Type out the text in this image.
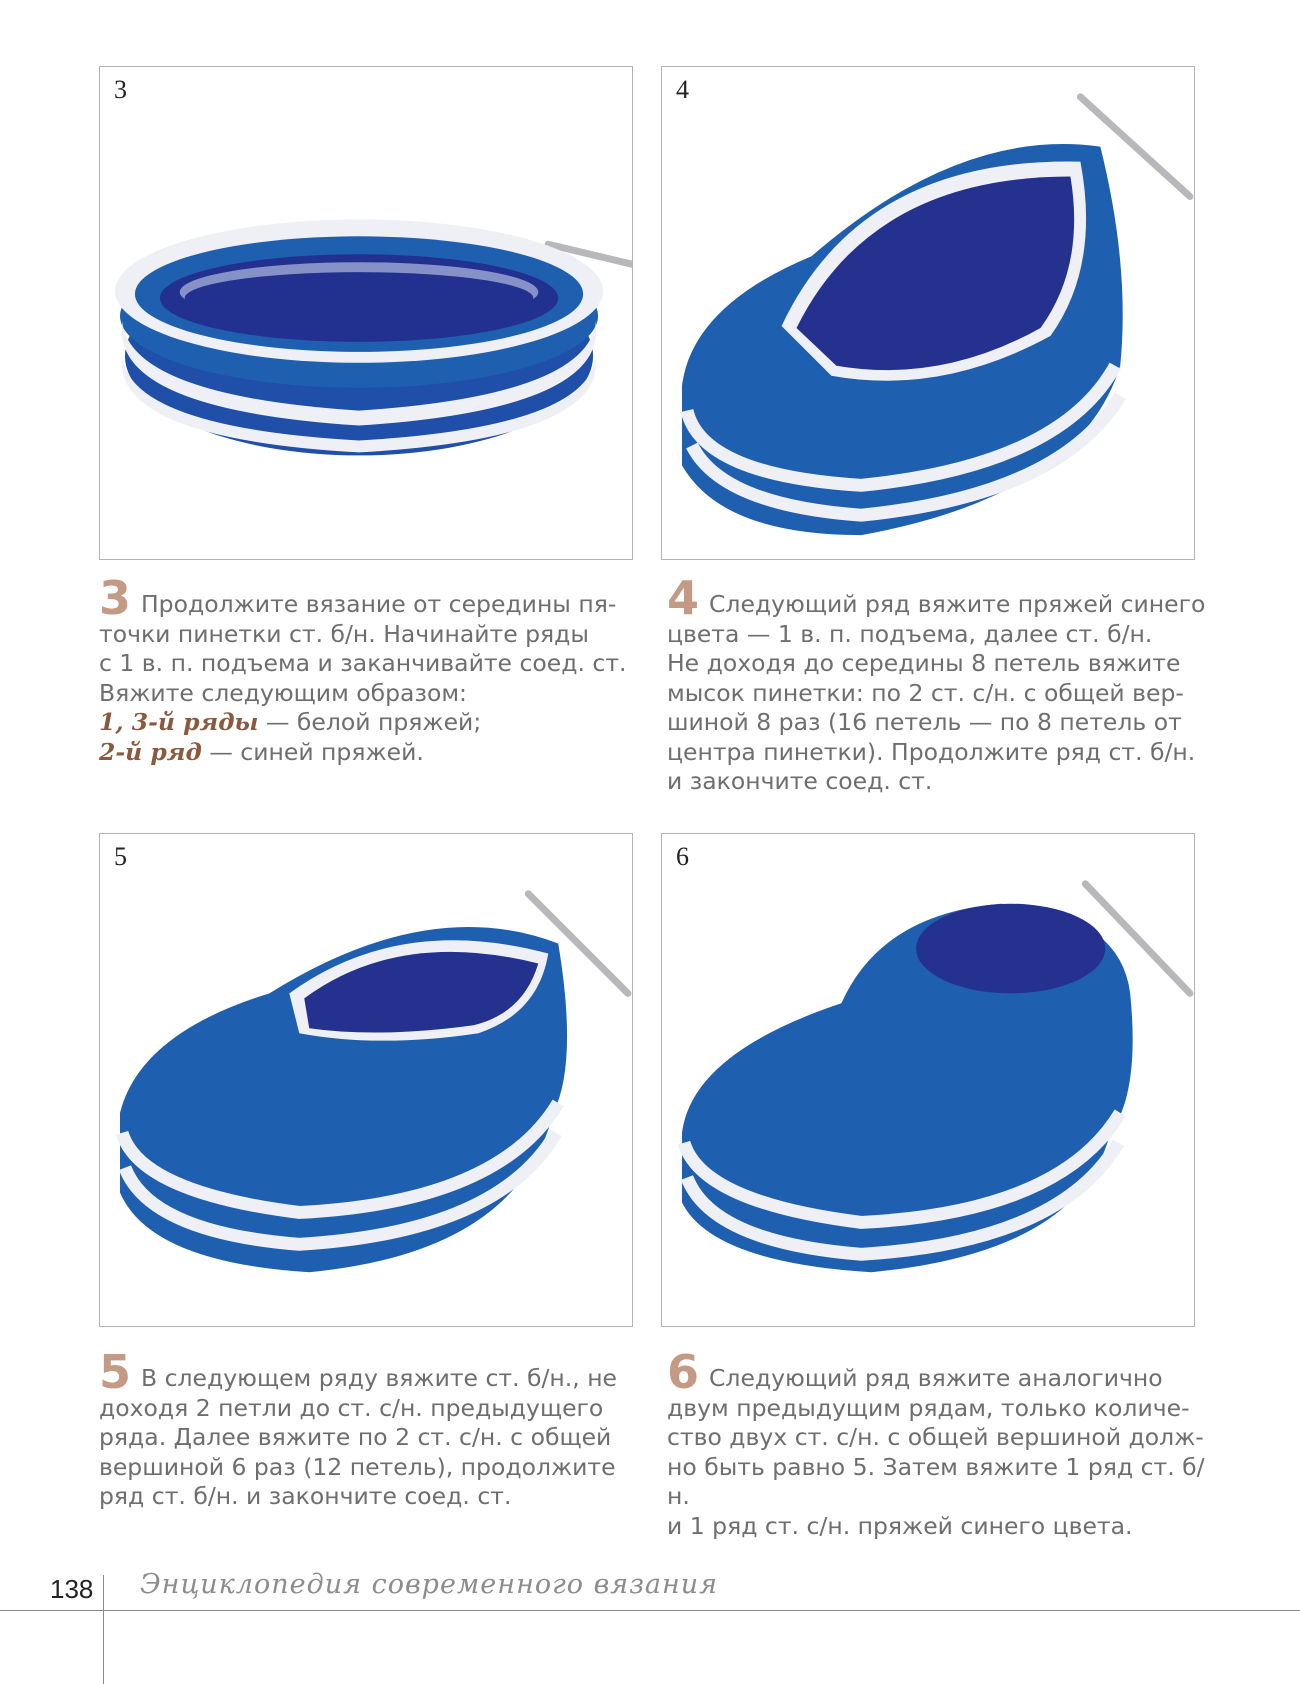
3	4
5	6

3 Продолжите вязание от середины пя-

точки пинетки ст. б/н. Начинайте ряды

с 1 в. п. подъема и заканчивайте соед. ст.

Вяжите следующим образом:

1, 3-й ряды — белой пряжей;

2-й ряд — синей пряжей.

4 Следующий ряд вяжите пряжей синего

цвета — 1 в. п. подъема, далее ст. б/н.

Не доходя до середины 8 петель вяжите

мысок пинетки: по 2 ст. с/н. с общей вер-

шиной 8 раз (16 петель — по 8 петель от

центра пинетки). Продолжите ряд ст. б/н.

и закончите соед. ст.

5 В следующем ряду вяжите ст. б/н., не

доходя 2 петли до ст. с/н. предыдущего

ряда. Далее вяжите по 2 ст. с/н. с общей

вершиной 6 раз (12 петель), продолжите

ряд ст. б/н. и закончите соед. ст.

6 Следующий ряд вяжите аналогично

двум предыдущим рядам, только количе-

ство двух ст. с/н. с общей вершиной долж-

но быть равно 5. Затем вяжите 1 ряд ст. б/н.

и 1 ряд ст. с/н. пряжей синего цвета.

138 Энциклопедия современного вязания
